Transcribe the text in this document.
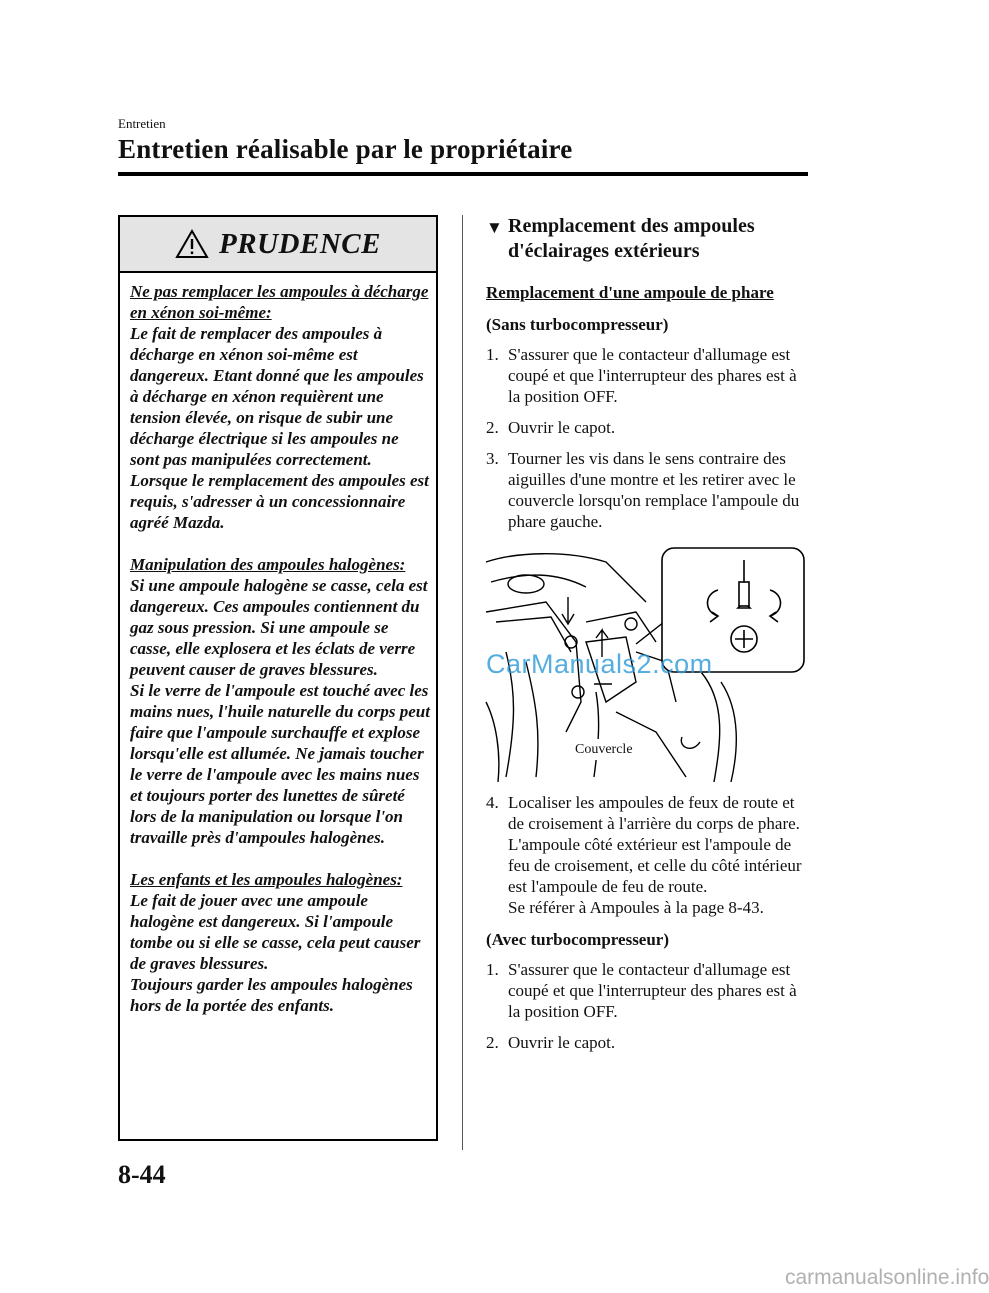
Entretien
Entretien réalisable par le propriétaire
PRUDENCE

Ne pas remplacer les ampoules à décharge en xénon soi-même:
Le fait de remplacer des ampoules à décharge en xénon soi-même est dangereux. Etant donné que les ampoules à décharge en xénon requièrent une tension élevée, on risque de subir une décharge électrique si les ampoules ne sont pas manipulées correctement. Lorsque le remplacement des ampoules est requis, s'adresser à un concessionnaire agréé Mazda.

Manipulation des ampoules halogènes:
Si une ampoule halogène se casse, cela est dangereux. Ces ampoules contiennent du gaz sous pression. Si une ampoule se casse, elle explosera et les éclats de verre peuvent causer de graves blessures.
Si le verre de l'ampoule est touché avec les mains nues, l'huile naturelle du corps peut faire que l'ampoule surchauffe et explose lorsqu'elle est allumée. Ne jamais toucher le verre de l'ampoule avec les mains nues et toujours porter des lunettes de sûreté lors de la manipulation ou lorsque l'on travaille près d'ampoules halogènes.

Les enfants et les ampoules halogènes:
Le fait de jouer avec une ampoule halogène est dangereux. Si l'ampoule tombe ou si elle se casse, cela peut causer de graves blessures.
Toujours garder les ampoules halogènes hors de la portée des enfants.

▼ Remplacement des ampoules d'éclairages extérieurs
Remplacement d'une ampoule de phare
(Sans turbocompresseur)
1. S'assurer que le contacteur d'allumage est coupé et que l'interrupteur des phares est à la position OFF.
2. Ouvrir le capot.
3. Tourner les vis dans le sens contraire des aiguilles d'une montre et les retirer avec le couvercle lorsqu'on remplace l'ampoule du phare gauche.
CarManuals2.com
Couvercle
4. Localiser les ampoules de feux de route et de croisement à l'arrière du corps de phare.
L'ampoule côté extérieur est l'ampoule de feu de croisement, et celle du côté intérieur est l'ampoule de feu de route.
Se référer à Ampoules à la page 8-43.
(Avec turbocompresseur)
1. S'assurer que le contacteur d'allumage est coupé et que l'interrupteur des phares est à la position OFF.
2. Ouvrir le capot.
8-44
carmanualsonline.info
